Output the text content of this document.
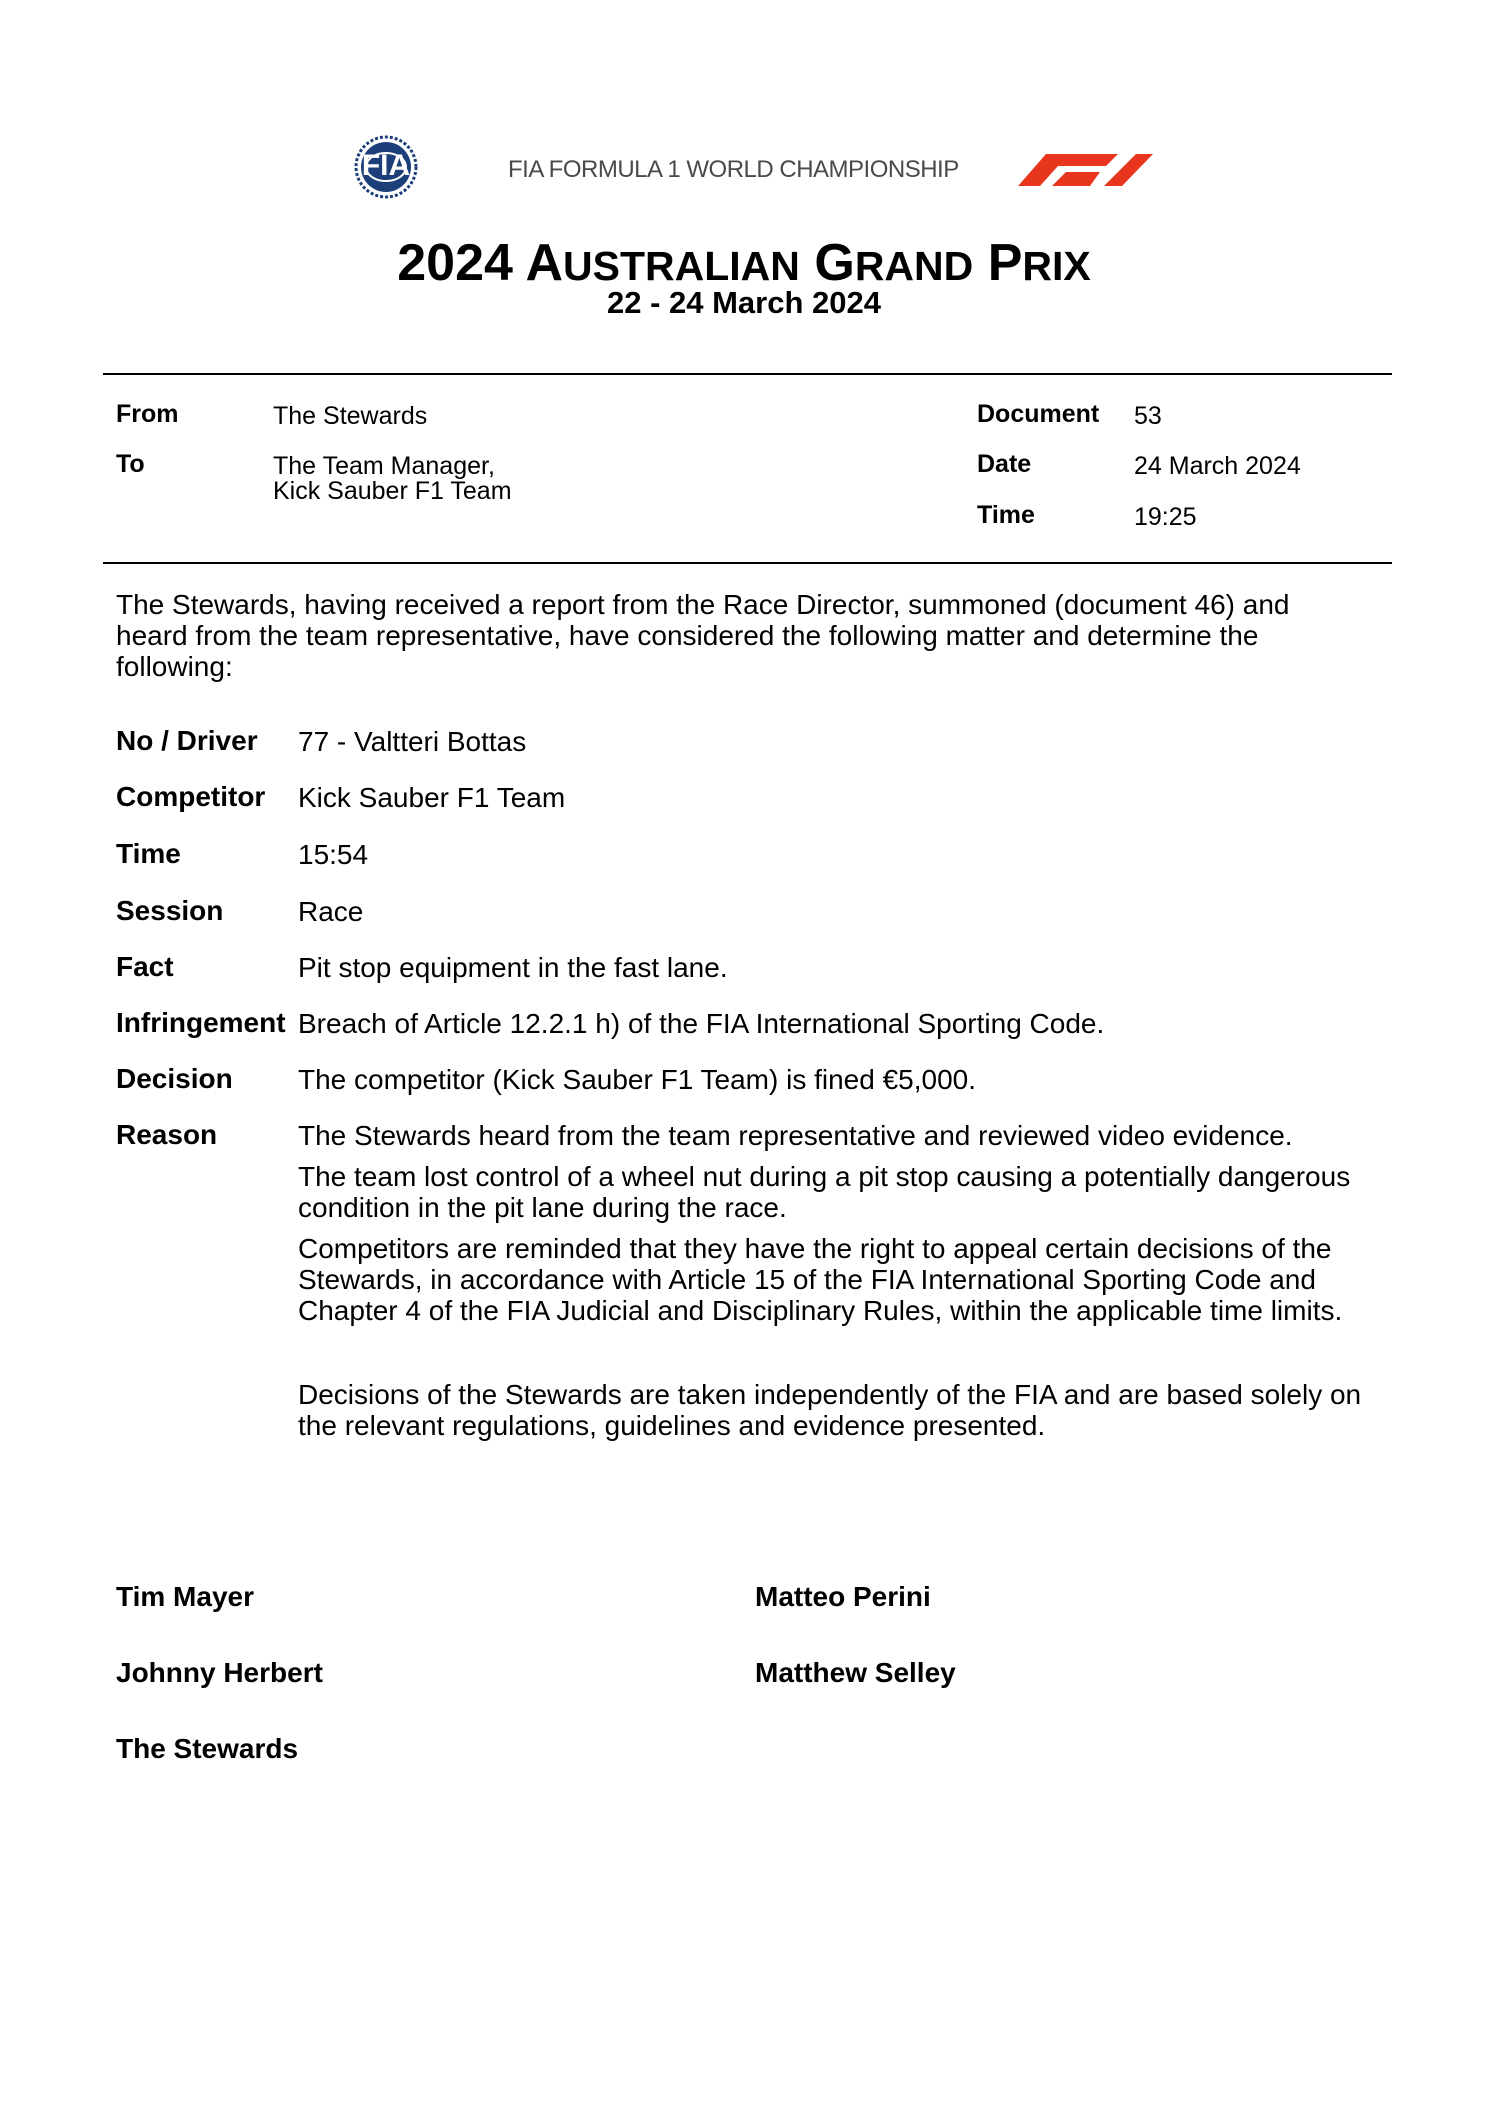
FIA	FIA FORMULA 1 WORLD CHAMPIONSHIP
2024 AUSTRALIAN GRAND PRIX
22 - 24 March 2024
From	The Stewards
To	The Team Manager,
Kick Sauber F1 Team
Document 53
Date	24 March 2024
Time	19:25
The Stewards, having received a report from the Race Director, summoned (document 46) and heard from the team representative, have considered the following matter and determine the following:
No / Driver 77 - Valtteri Bottas
Competitor Kick Sauber F1 Team
Time	15:54
Session	Race
Fact	Pit stop equipment in the fast lane.
Infringement Breach of Article 12.2.1 h) of the FIA International Sporting Code.
Decision The competitor (Kick Sauber F1 Team) is fined €5,000.
Reason	The Stewards heard from the team representative and reviewed video evidence.
The team lost control of a wheel nut during a pit stop causing a potentially dangerous condition in the pit lane during the race.
Competitors are reminded that they have the right to appeal certain decisions of the Stewards, in accordance with Article 15 of the FIA International Sporting Code and Chapter 4 of the FIA Judicial and Disciplinary Rules, within the applicable time limits.
Decisions of the Stewards are taken independently of the FIA and are based solely on the relevant regulations, guidelines and evidence presented.
Tim Mayer	Matteo Perini
Johnny Herbert	Matthew Selley
The Stewards
